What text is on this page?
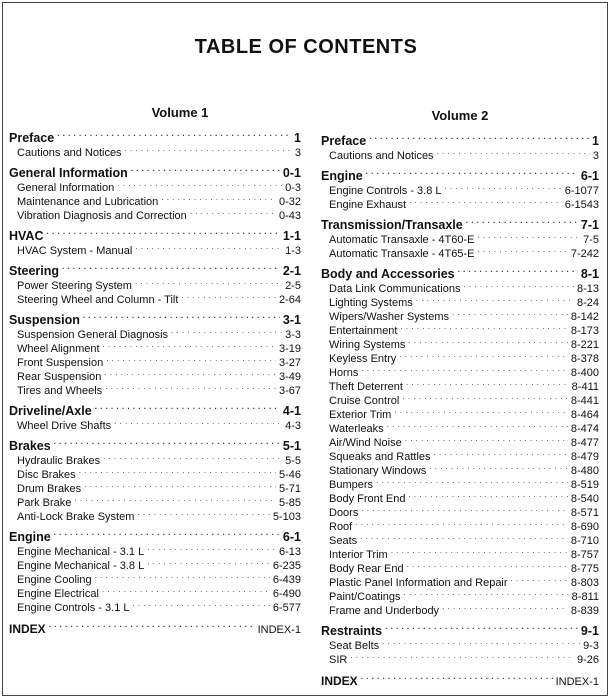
TABLE OF CONTENTS
Volume 1
Preface . . .	1
Cautions and Notices . . .	3
General Information . . .	0-1
General Information . . .	0-3
Maintenance and Lubrication . . .	0-32
Vibration Diagnosis and Correction . . .	0-43
HVAC . . .	1-1
HVAC System - Manual . . .	1-3
Steering . . .	2-1
Power Steering System . . .	2-5
Steering Wheel and Column - Tilt . . .	2-64
Suspension . . .	3-1
Suspension General Diagnosis . . .	3-3
Wheel Alignment . . .	3-19
Front Suspension . . .	3-27
Rear Suspension . . .	3-49
Tires and Wheels . . .	3-67
Driveline/Axle . . .	4-1
Wheel Drive Shafts . . .	4-3
Brakes . . .	5-1
Hydraulic Brakes . . .	5-5
Disc Brakes . . .	5-46
Drum Brakes . . .	5-71
Park Brake . . .	5-85
Anti-Lock Brake System . . .	5-103
Engine . . .	6-1
Engine Mechanical - 3.1 L . . .	6-13
Engine Mechanical - 3.8 L . . .	6-235
Engine Cooling . . .	6-439
Engine Electrical . . .	6-490
Engine Controls - 3.1 L . . .	6-577
INDEX . . .	INDEX-1
Volume 2
Preface . . .	1
Cautions and Notices . . .	3
Engine . . .	6-1
Engine Controls - 3.8 L . . .	6-1077
Engine Exhaust . . .	6-1543
Transmission/Transaxle . . .	7-1
Automatic Transaxle - 4T60-E . . .	7-5
Automatic Transaxle - 4T65-E . . .	7-242
Body and Accessories . . .	8-1
Data Link Communications . . .	8-13
Lighting Systems . . .	8-24
Wipers/Washer Systems . . .	8-142
Entertainment . . .	8-173
Wiring Systems . . .	8-221
Keyless Entry . . .	8-378
Horns . . .	8-400
Theft Deterrent . . .	8-411
Cruise Control . . .	8-441
Exterior Trim . . .	8-464
Waterleaks . . .	8-474
Air/Wind Noise . . .	8-477
Squeaks and Rattles . . .	8-479
Stationary Windows . . .	8-480
Bumpers . . .	8-519
Body Front End . . .	8-540
Doors . . .	8-571
Roof . . .	8-690
Seats . . .	8-710
Interior Trim . . .	8-757
Body Rear End . . .	8-775
Plastic Panel Information and Repair . . .	8-803
Paint/Coatings . . .	8-811
Frame and Underbody . . .	8-839
Restraints . . .	9-1
Seat Belts . . .	9-3
SIR . . .	9-26
INDEX . . .	INDEX-1
